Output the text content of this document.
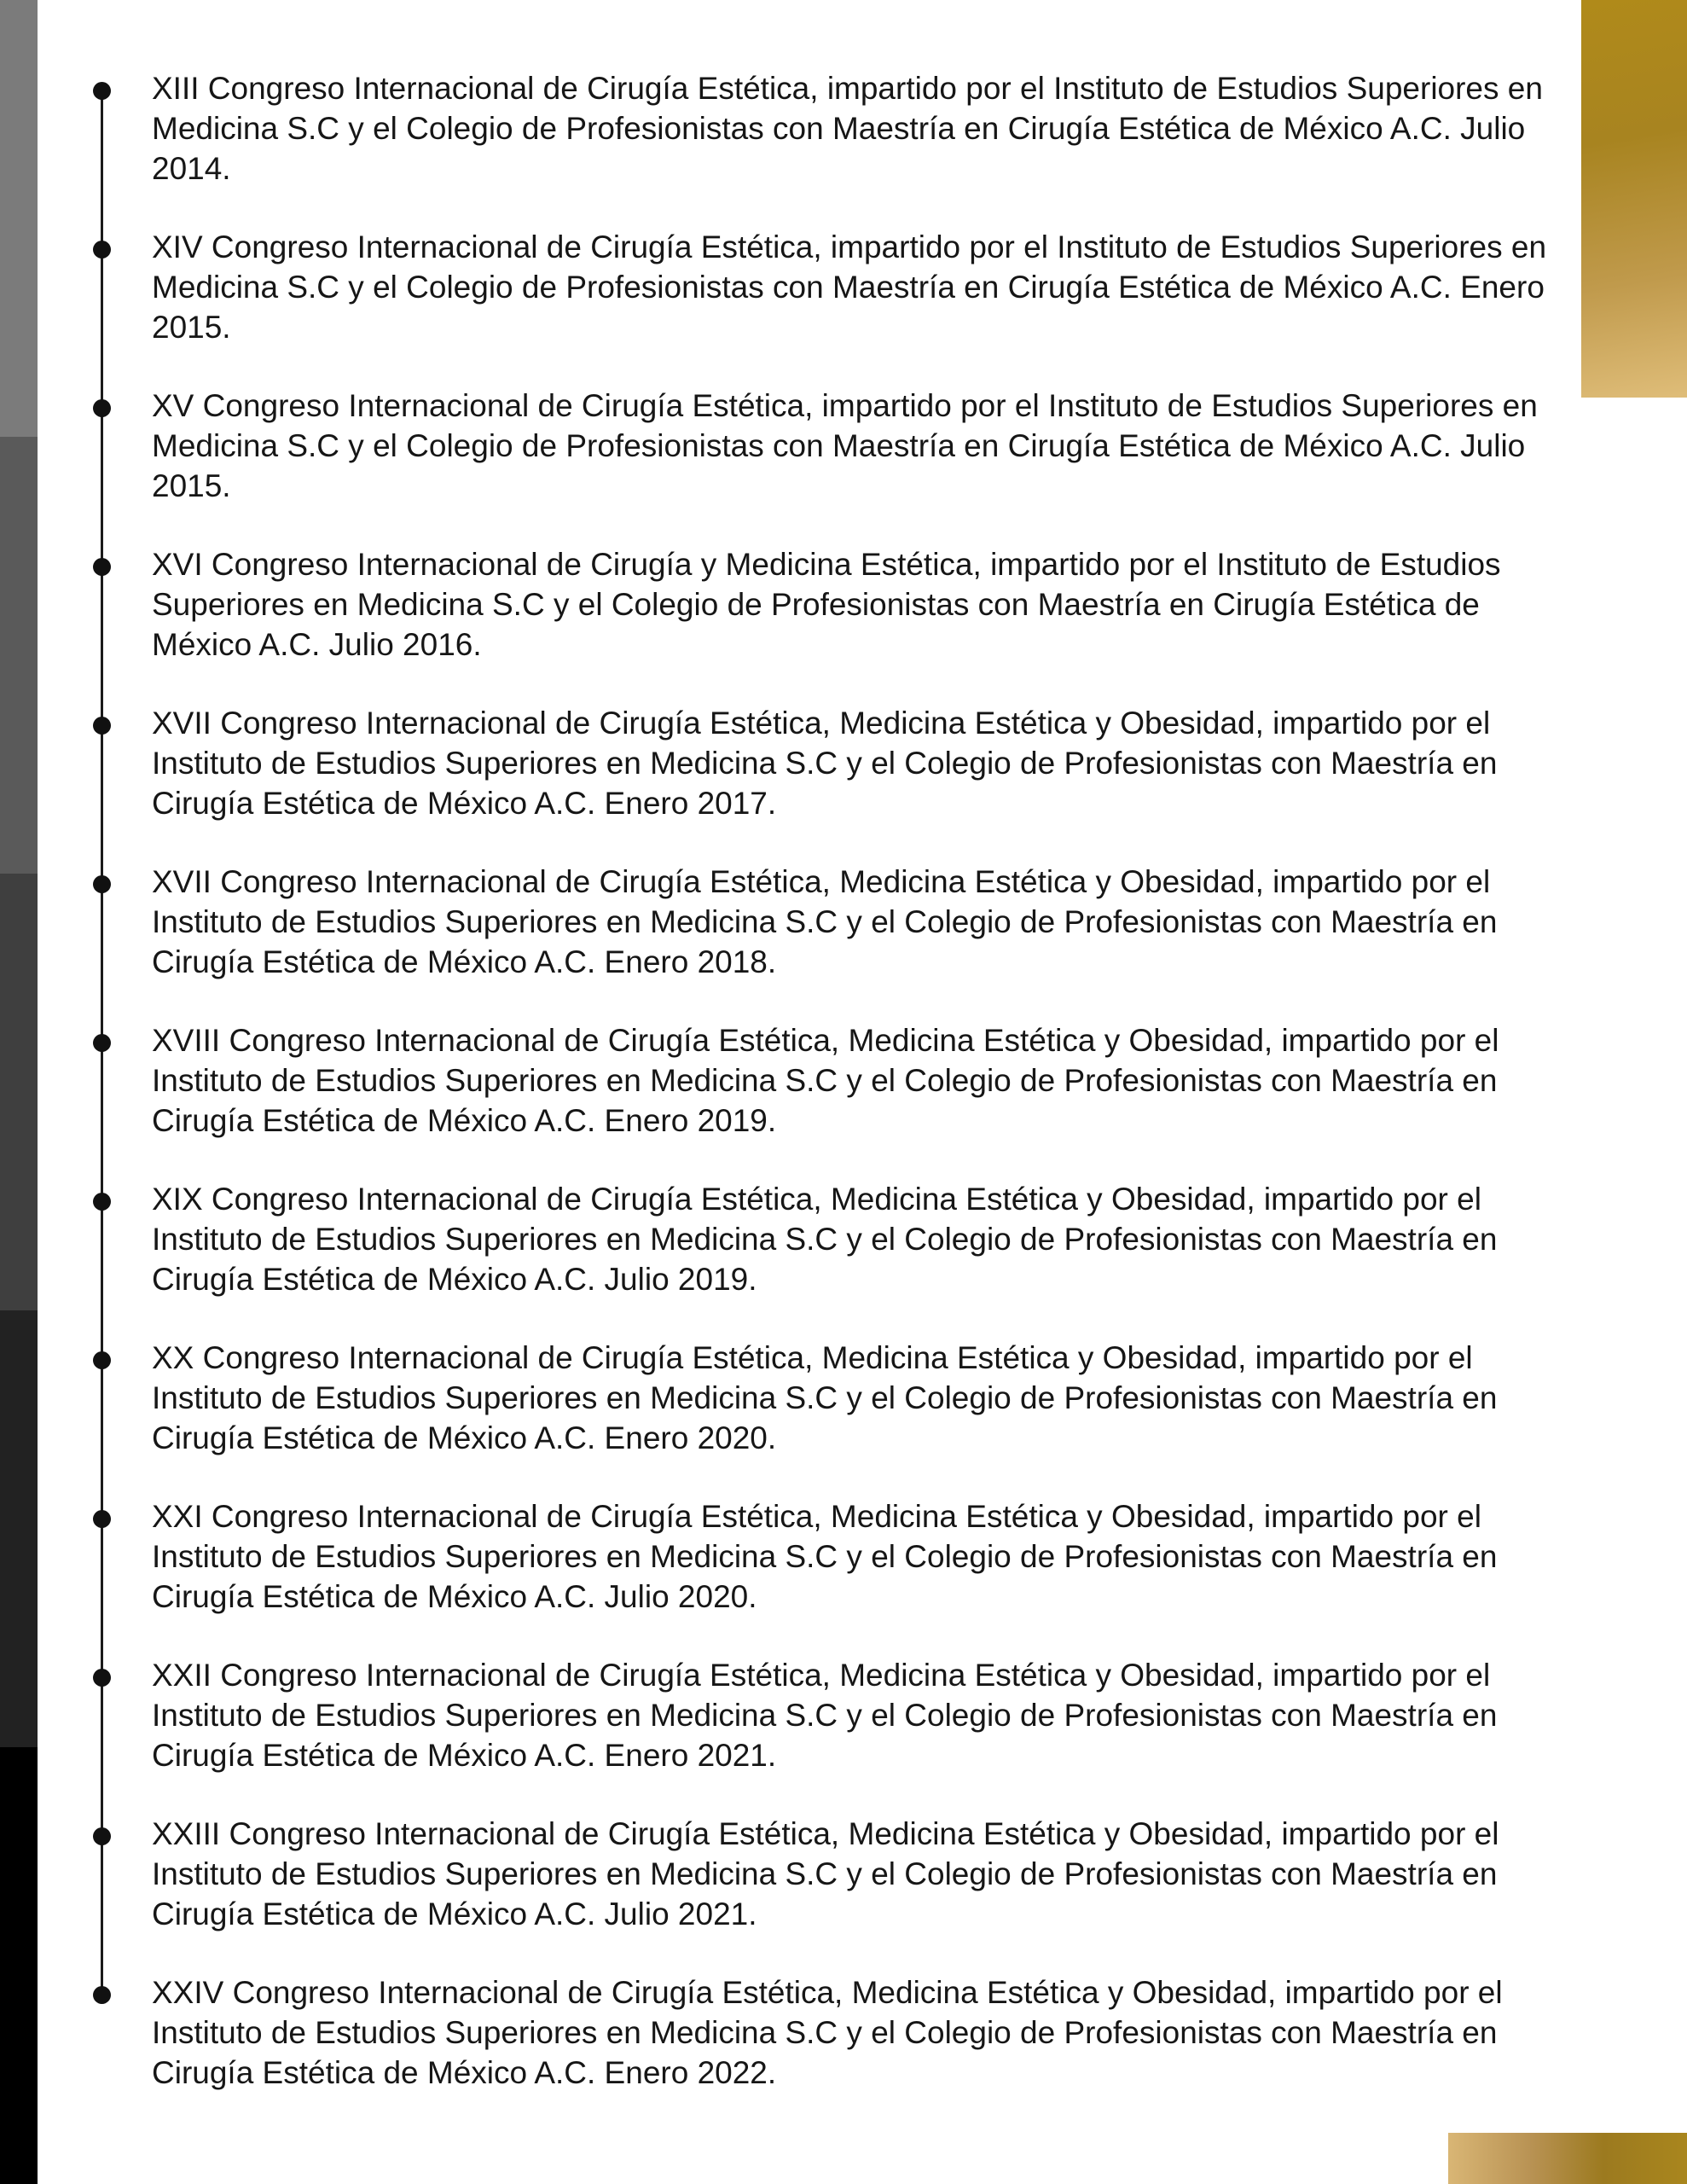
XIII Congreso Internacional de Cirugía Estética, impartido por el Instituto de Estudios Superiores en Medicina S.C y el Colegio de Profesionistas con Maestría en Cirugía Estética de México A.C. Julio 2014.
XIV Congreso Internacional de Cirugía Estética, impartido por el Instituto de Estudios Superiores en Medicina S.C y el Colegio de Profesionistas con Maestría en Cirugía Estética de México A.C. Enero 2015.
XV Congreso Internacional de Cirugía Estética, impartido por el Instituto de Estudios Superiores en Medicina S.C y el Colegio de Profesionistas con Maestría en Cirugía Estética de México A.C. Julio 2015.
XVI Congreso Internacional de Cirugía y Medicina Estética, impartido por el Instituto de Estudios Superiores en Medicina S.C y el Colegio de Profesionistas con Maestría en Cirugía Estética de México A.C. Julio 2016.
XVII Congreso Internacional de Cirugía Estética, Medicina Estética y Obesidad, impartido por el Instituto de Estudios Superiores en Medicina S.C y el Colegio de Profesionistas con Maestría en Cirugía Estética de México A.C. Enero 2017.
XVII Congreso Internacional de Cirugía Estética, Medicina Estética y Obesidad, impartido por el Instituto de Estudios Superiores en Medicina S.C y el Colegio de Profesionistas con Maestría en Cirugía Estética de México A.C. Enero 2018.
XVIII Congreso Internacional de Cirugía Estética, Medicina Estética y Obesidad, impartido por el Instituto de Estudios Superiores en Medicina S.C y el Colegio de Profesionistas con Maestría en Cirugía Estética de México A.C. Enero 2019.
XIX Congreso Internacional de Cirugía Estética, Medicina Estética y Obesidad, impartido por el Instituto de Estudios Superiores en Medicina S.C y el Colegio de Profesionistas con Maestría en Cirugía Estética de México A.C. Julio 2019.
XX Congreso Internacional de Cirugía Estética, Medicina Estética y Obesidad, impartido por el Instituto de Estudios Superiores en Medicina S.C y el Colegio de Profesionistas con Maestría en Cirugía Estética de México A.C. Enero 2020.
XXI Congreso Internacional de Cirugía Estética, Medicina Estética y Obesidad, impartido por el Instituto de Estudios Superiores en Medicina S.C y el Colegio de Profesionistas con Maestría en Cirugía Estética de México A.C. Julio 2020.
XXII Congreso Internacional de Cirugía Estética, Medicina Estética y Obesidad, impartido por el Instituto de Estudios Superiores en Medicina S.C y el Colegio de Profesionistas con Maestría en Cirugía Estética de México A.C. Enero 2021.
XXIII Congreso Internacional de Cirugía Estética, Medicina Estética y Obesidad, impartido por el Instituto de Estudios Superiores en Medicina S.C y el Colegio de Profesionistas con Maestría en Cirugía Estética de México A.C. Julio 2021.
XXIV Congreso Internacional de Cirugía Estética, Medicina Estética y Obesidad, impartido por el Instituto de Estudios Superiores en Medicina S.C y el Colegio de Profesionistas con Maestría en Cirugía Estética de México A.C. Enero 2022.
